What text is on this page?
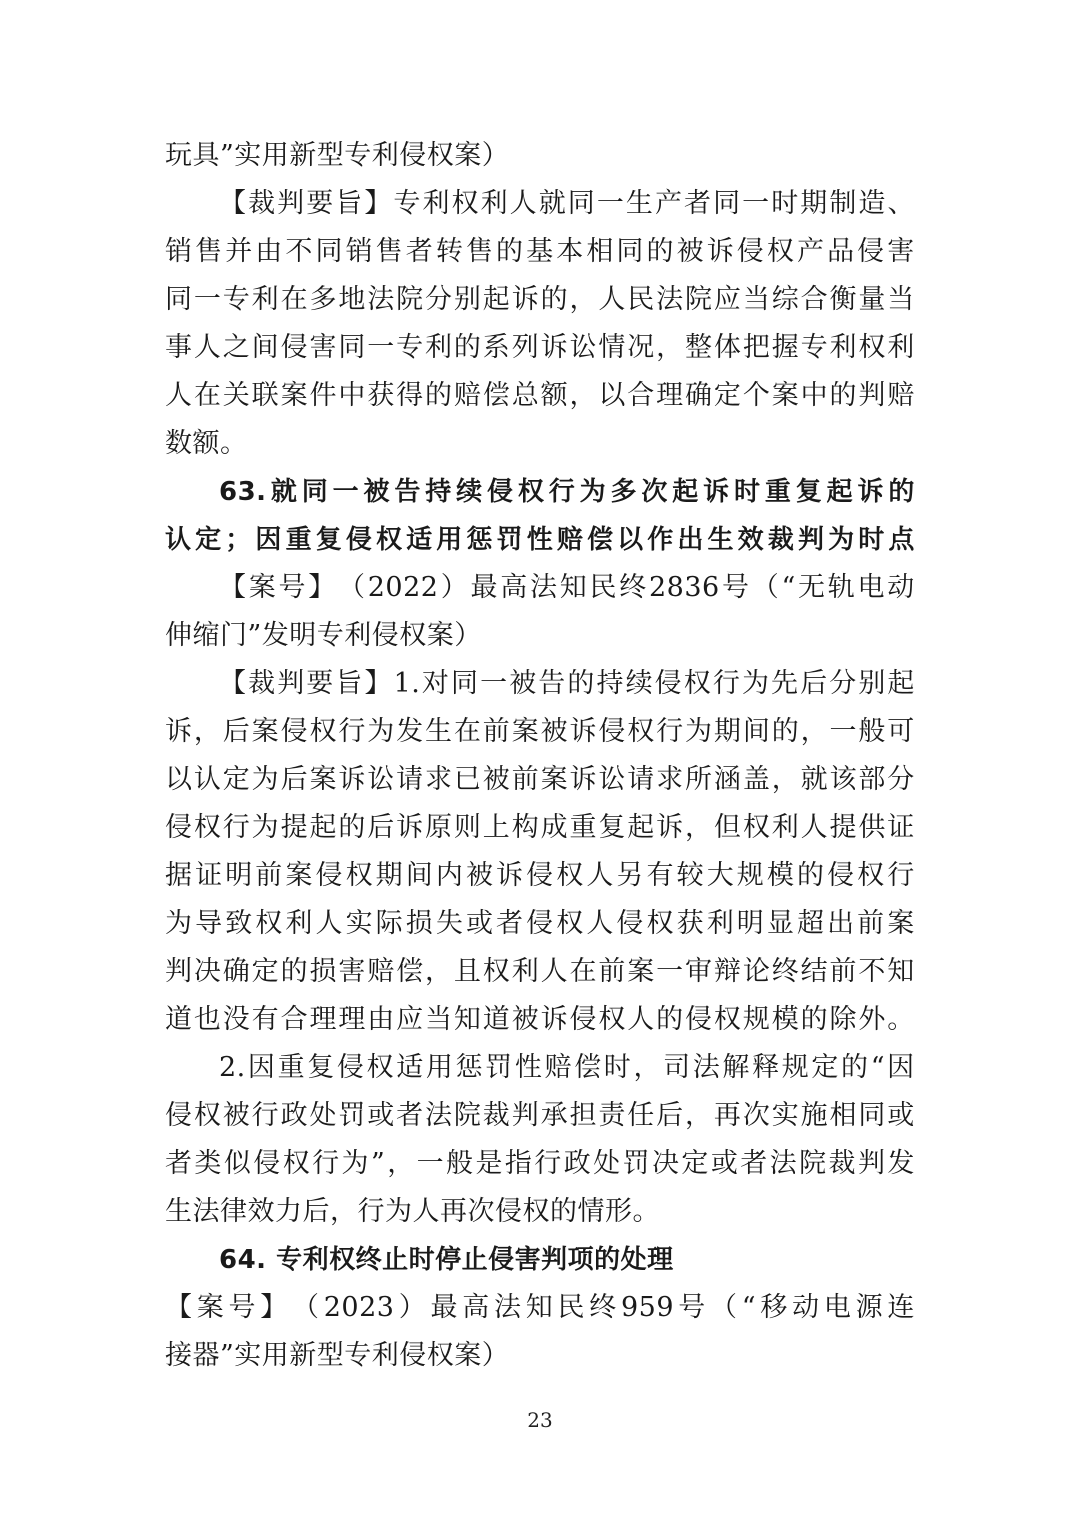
玩具”实用新型专利侵权案）
【 裁 判 要 旨 】 专 利 权 利 人 就 同 一 生 产 者 同 一 时 期 制 造 、
销 售 并 由 不 同 销 售 者 转 售 的 基 本 相 同 的 被 诉 侵 权 产 品 侵 害
同 一 专 利 在 多 地 法 院 分 别 起 诉 的 ， 人 民 法 院 应 当 综 合 衡 量 当
事 人 之 间 侵 害 同 一 专 利 的 系 列 诉 讼 情 况 ， 整 体 把 握 专 利 权 利
人 在 关 联 案 件 中 获 得 的 赔 偿 总 额 ， 以 合 理 确 定 个 案 中 的 判 赔
数额。
63. 就 同 一 被 告 持 续 侵 权 行 为 多 次 起 诉 时 重 复 起 诉 的
认 定 ； 因 重 复 侵 权 适 用 惩 罚 性 赔 偿 以 作 出 生 效 裁 判 为 时 点
【 案 号 】 （ 2022 ） 最 高 法 知 民 终 2836 号 （ “ 无 轨 电 动
伸缩门”发明专利侵权案）
【 裁 判 要 旨 】 1. 对 同 一 被 告 的 持 续 侵 权 行 为 先 后 分 别 起
诉 ， 后 案 侵 权 行 为 发 生 在 前 案 被 诉 侵 权 行 为 期 间 的 ， 一 般 可
以 认 定 为 后 案 诉 讼 请 求 已 被 前 案 诉 讼 请 求 所 涵 盖 ， 就 该 部 分
侵 权 行 为 提 起 的 后 诉 原 则 上 构 成 重 复 起 诉 ， 但 权 利 人 提 供 证
据 证 明 前 案 侵 权 期 间 内 被 诉 侵 权 人 另 有 较 大 规 模 的 侵 权 行
为 导 致 权 利 人 实 际 损 失 或 者 侵 权 人 侵 权 获 利 明 显 超 出 前 案
判 决 确 定 的 损 害 赔 偿 ， 且 权 利 人 在 前 案 一 审 辩 论 终 结 前 不 知
道 也 没 有 合 理 理 由 应 当 知 道 被 诉 侵 权 人 的 侵 权 规 模 的 除 外 。
2. 因 重 复 侵 权 适 用 惩 罚 性 赔 偿 时 ， 司 法 解 释 规 定 的 “ 因
侵 权 被 行 政 处 罚 或 者 法 院 裁 判 承 担 责 任 后 ， 再 次 实 施 相 同 或
者 类 似 侵 权 行 为 ” ， 一 般 是 指 行 政 处 罚 决 定 或 者 法 院 裁 判 发
生法律效力后，行为人再次侵权的情形。
64. 专利权终止时停止侵害判项的处理
【 案 号 】 （ 2023 ） 最 高 法 知 民 终 959 号 （ “ 移 动 电 源 连
接器”实用新型专利侵权案）
23
